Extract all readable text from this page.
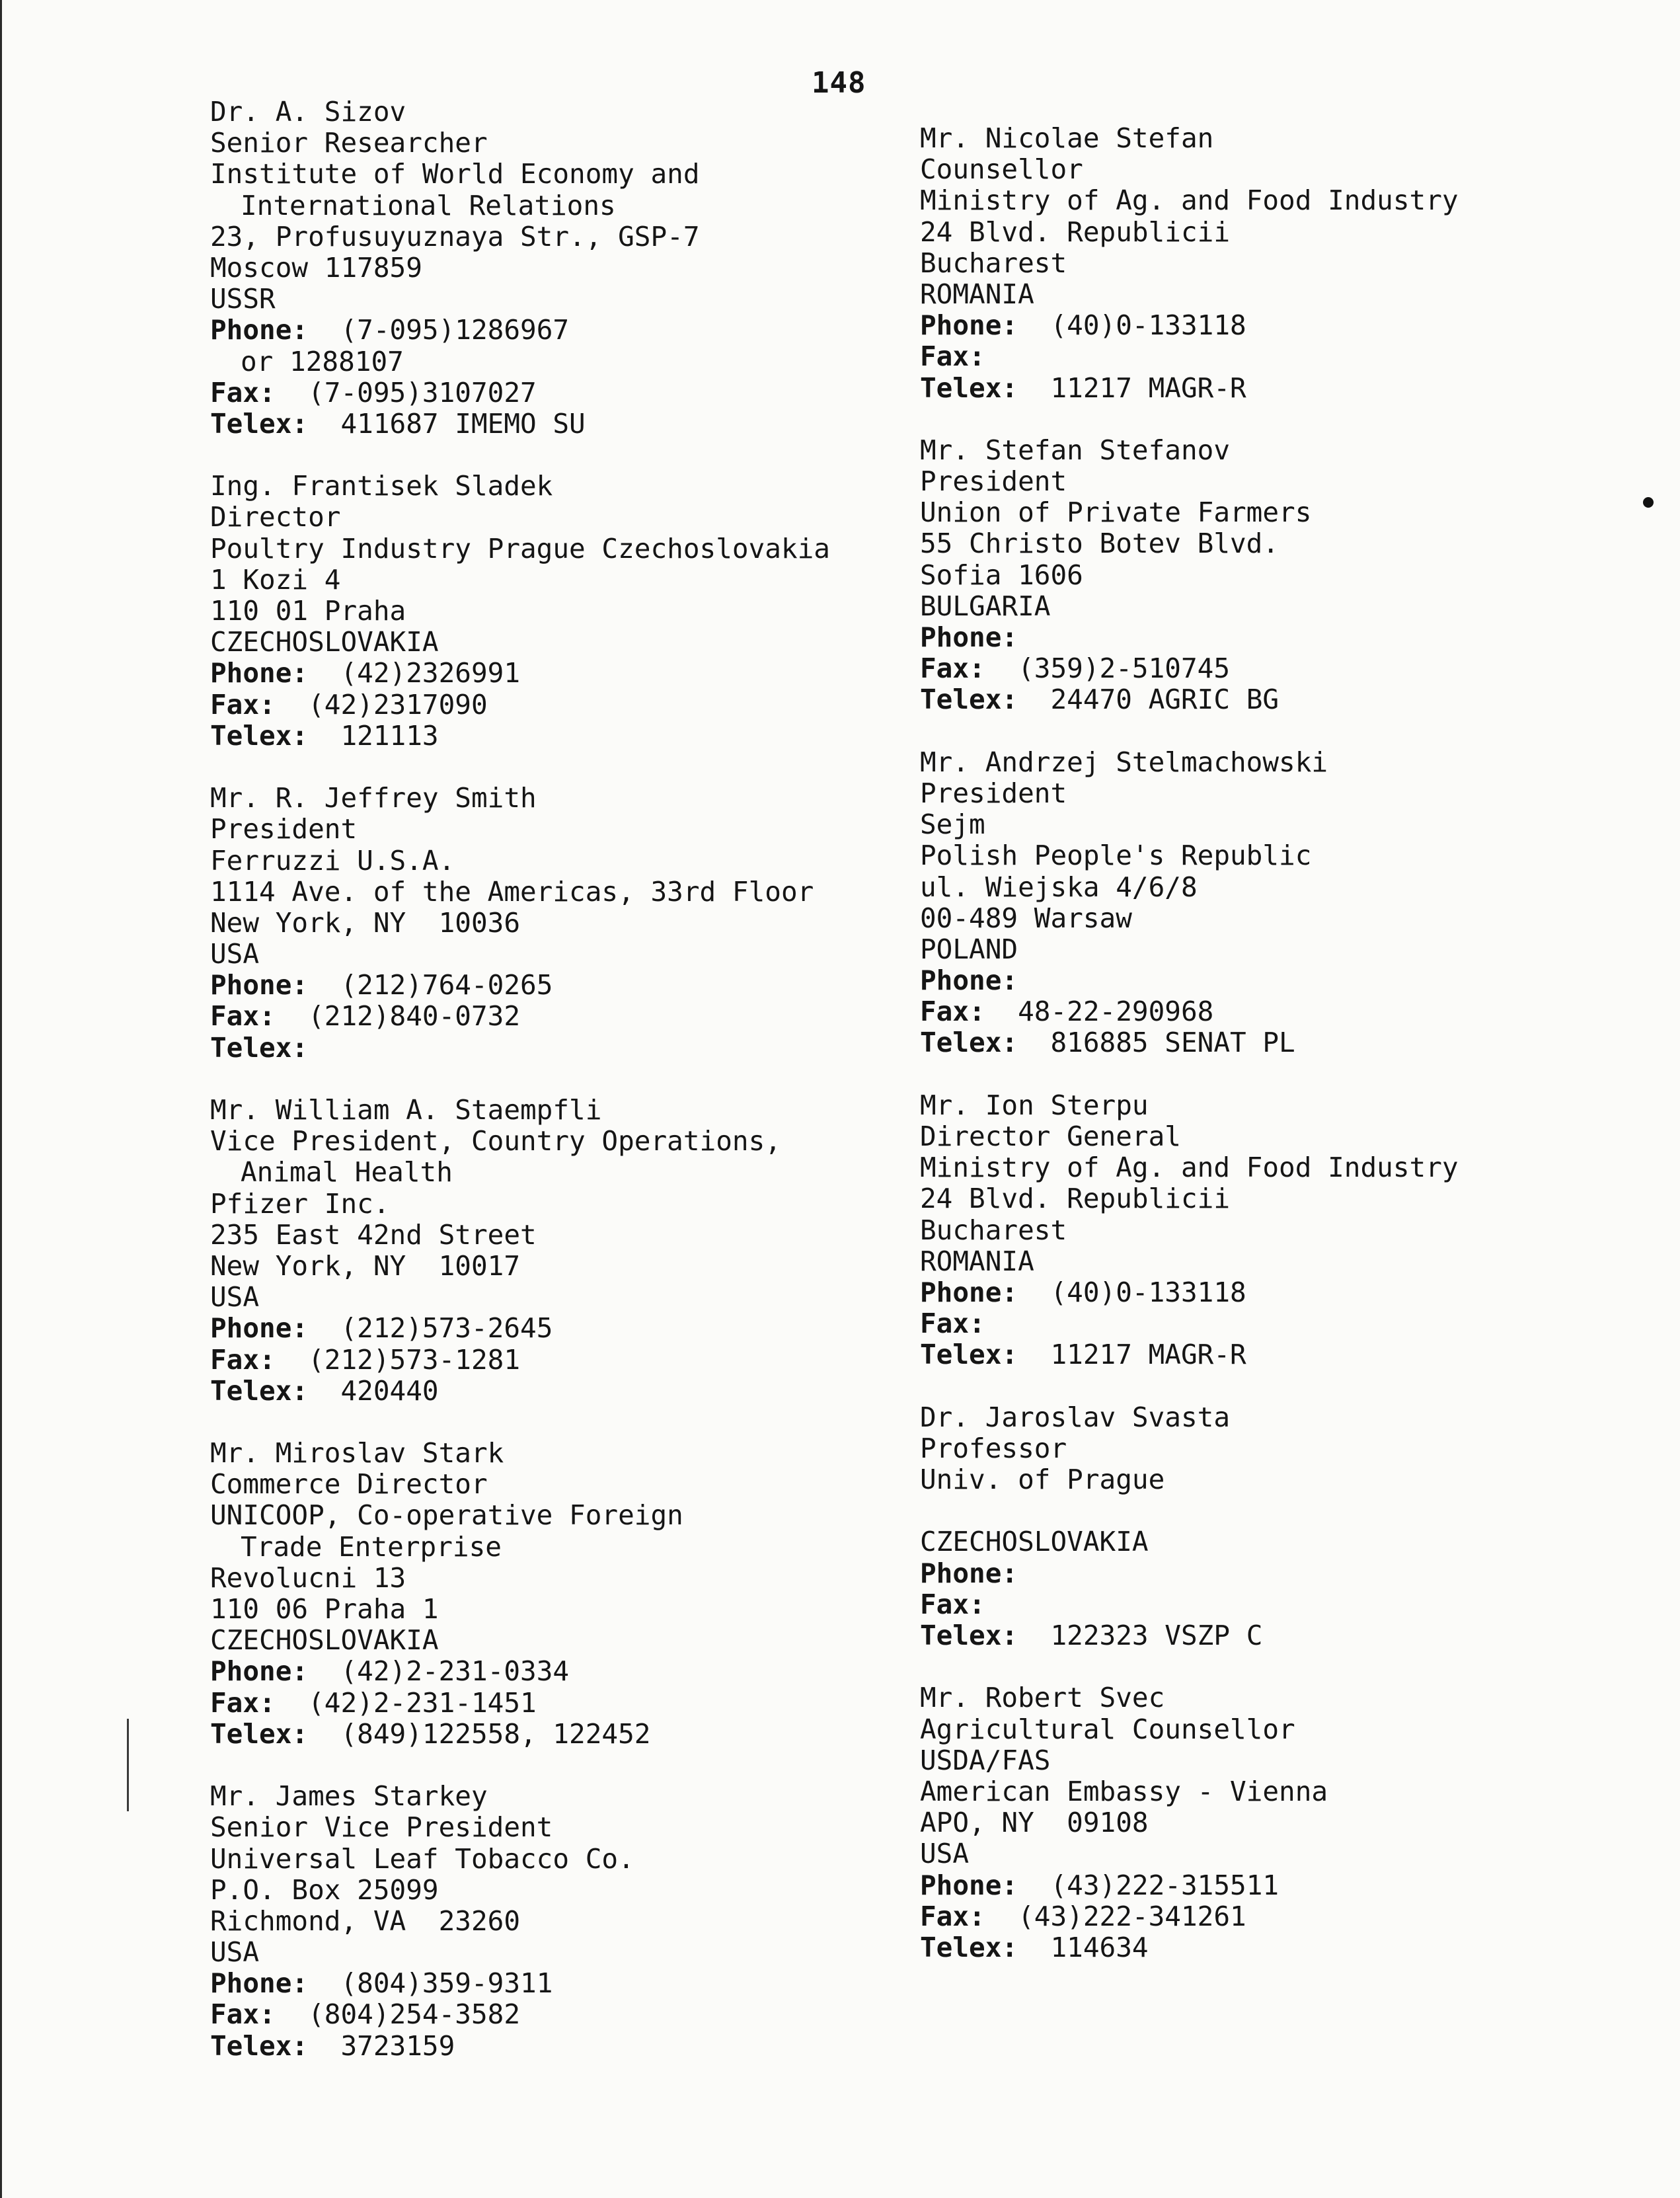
148
Dr. A. Sizov
Senior Researcher
Institute of World Economy and
International Relations
23, Profusuyuznaya Str., GSP-7
Moscow 117859
USSR
Phone: (7-095)1286967
or 1288107
Fax: (7-095)3107027
Telex: 411687 IMEMO SU
Ing. Frantisek Sladek
Director
Poultry Industry Prague Czechoslovakia
1 Kozi 4
110 01 Praha
CZECHOSLOVAKIA
Phone: (42)2326991
Fax: (42)2317090
Telex: 121113
Mr. R. Jeffrey Smith
President
Ferruzzi U.S.A.
1114 Ave. of the Americas, 33rd Floor
New York, NY  10036
USA
Phone: (212)764-0265
Fax: (212)840-0732
Telex:
Mr. William A. Staempfli
Vice President, Country Operations,
Animal Health
Pfizer Inc.
235 East 42nd Street
New York, NY  10017
USA
Phone: (212)573-2645
Fax: (212)573-1281
Telex: 420440
Mr. Miroslav Stark
Commerce Director
UNICOOP, Co-operative Foreign
Trade Enterprise
Revolucni 13
110 06 Praha 1
CZECHOSLOVAKIA
Phone: (42)2-231-0334
Fax: (42)2-231-1451
Telex: (849)122558, 122452
Mr. James Starkey
Senior Vice President
Universal Leaf Tobacco Co.
P.O. Box 25099
Richmond, VA  23260
USA
Phone: (804)359-9311
Fax: (804)254-3582
Telex: 3723159
Mr. Nicolae Stefan
Counsellor
Ministry of Ag. and Food Industry
24 Blvd. Republicii
Bucharest
ROMANIA
Phone: (40)0-133118
Fax:
Telex: 11217 MAGR-R
Mr. Stefan Stefanov
President
Union of Private Farmers
55 Christo Botev Blvd.
Sofia 1606
BULGARIA
Phone:
Fax: (359)2-510745
Telex: 24470 AGRIC BG
Mr. Andrzej Stelmachowski
President
Sejm
Polish People's Republic
ul. Wiejska 4/6/8
00-489 Warsaw
POLAND
Phone:
Fax: 48-22-290968
Telex: 816885 SENAT PL
Mr. Ion Sterpu
Director General
Ministry of Ag. and Food Industry
24 Blvd. Republicii
Bucharest
ROMANIA
Phone: (40)0-133118
Fax:
Telex: 11217 MAGR-R
Dr. Jaroslav Svasta
Professor
Univ. of Prague
CZECHOSLOVAKIA
Phone:
Fax:
Telex: 122323 VSZP C
Mr. Robert Svec
Agricultural Counsellor
USDA/FAS
American Embassy - Vienna
APO, NY  09108
USA
Phone: (43)222-315511
Fax: (43)222-341261
Telex: 114634
